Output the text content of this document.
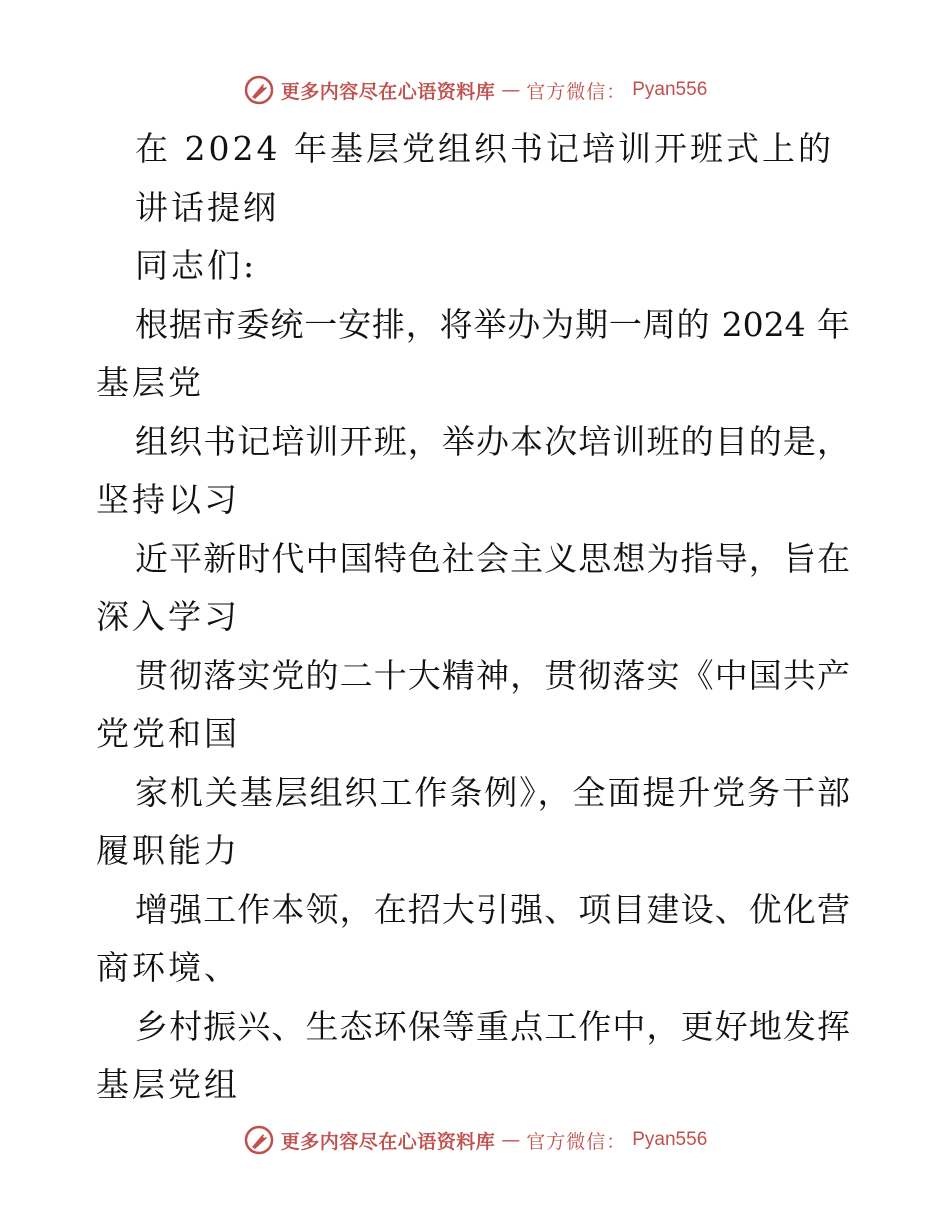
更多内容尽在心语资料库 — 官方微信： Pyan556
在 2024 年基层党组织书记培训开班式上的
讲话提纲
同志们:
根据市委统一安排，将举办为期一周的 2024 年
基层党
组织书记培训开班，举办本次培训班的目的是，
坚持以习
近平新时代中国特色社会主义思想为指导，旨在
深入学习
贯彻落实党的二十大精神，贯彻落实《中国共产
党党和国
家机关基层组织工作条例》，全面提升党务干部
履职能力
增强工作本领，在招大引强、项目建设、优化营
商环境、
乡村振兴、生态环保等重点工作中，更好地发挥
基层党组
更多内容尽在心语资料库 — 官方微信： Pyan556
